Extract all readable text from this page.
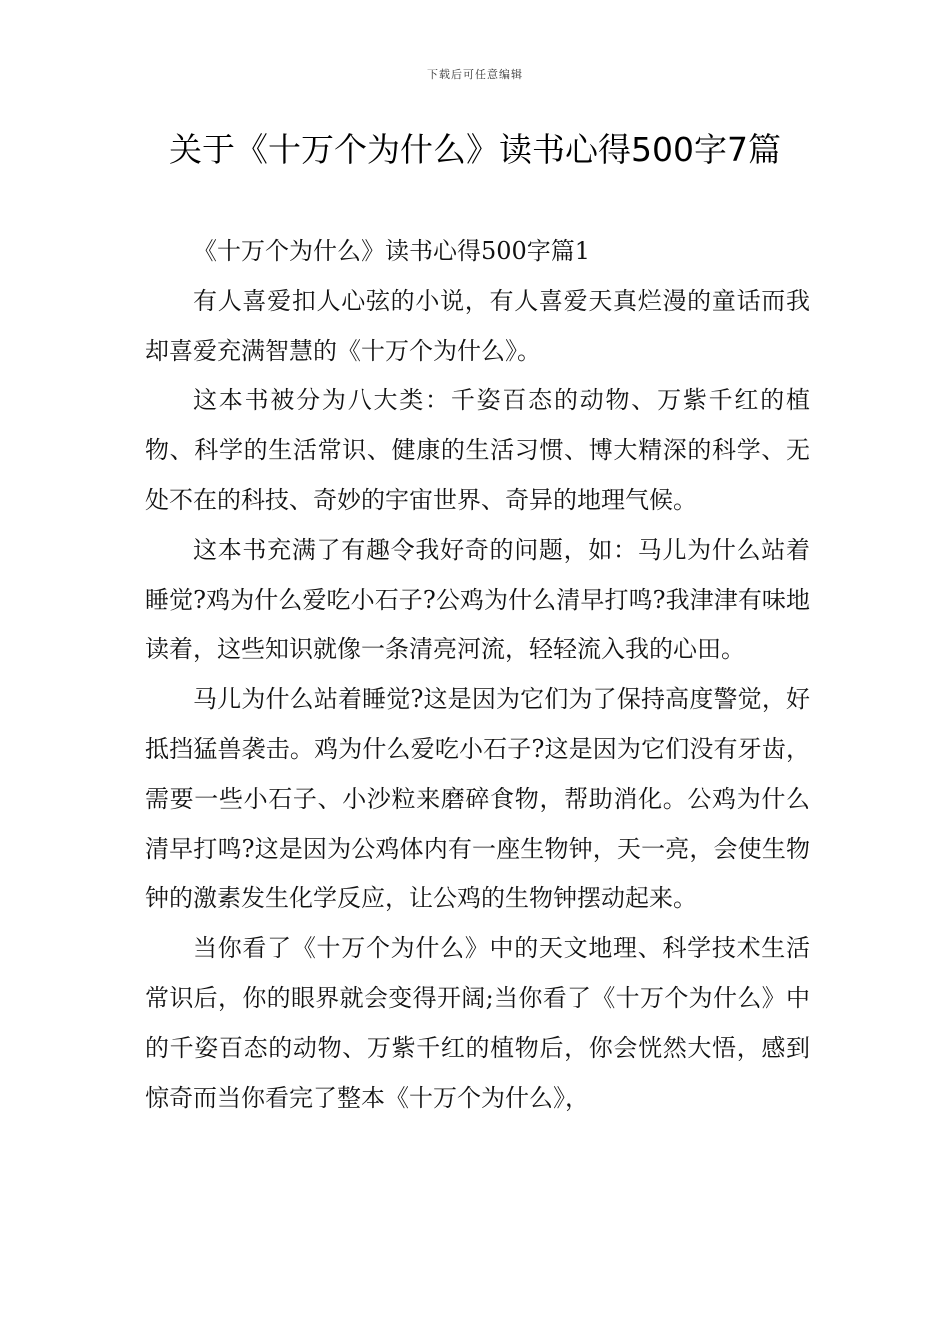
下载后可任意编辑
关于《十万个为什么》读书心得500字7篇

《十万个为什么》读书心得500字篇1

有人喜爱扣人心弦的小说，有人喜爱天真烂漫的童话而我却喜爱充满智慧的《十万个为什么》。

这本书被分为八大类：千姿百态的动物、万紫千红的植物、科学的生活常识、健康的生活习惯、博大精深的科学、无处不在的科技、奇妙的宇宙世界、奇异的地理气候。

这本书充满了有趣令我好奇的问题，如：马儿为什么站着睡觉?鸡为什么爱吃小石子?公鸡为什么清早打鸣?我津津有味地读着，这些知识就像一条清亮河流，轻轻流入我的心田。

马儿为什么站着睡觉?这是因为它们为了保持高度警觉，好抵挡猛兽袭击。鸡为什么爱吃小石子?这是因为它们没有牙齿，需要一些小石子、小沙粒来磨碎食物，帮助消化。公鸡为什么清早打鸣?这是因为公鸡体内有一座生物钟，天一亮，会使生物钟的激素发生化学反应，让公鸡的生物钟摆动起来。

当你看了《十万个为什么》中的天文地理、科学技术生活常识后，你的眼界就会变得开阔;当你看了《十万个为什么》中的千姿百态的动物、万紫千红的植物后，你会恍然大悟，感到惊奇而当你看完了整本《十万个为什么》，
